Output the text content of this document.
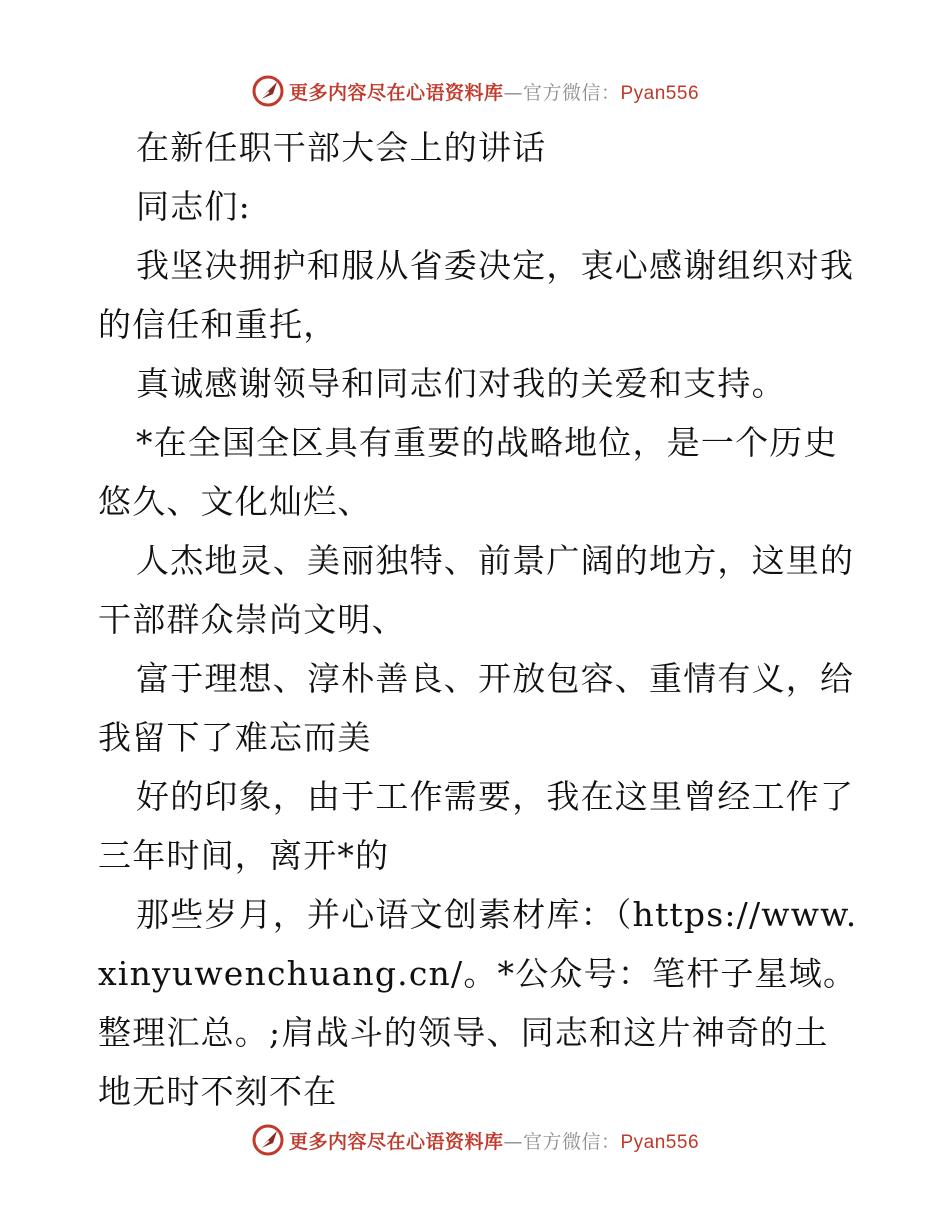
更多内容尽在心语资料库—官方微信：Pyan556

在新任职干部大会上的讲话

同志们:

我坚决拥护和服从省委决定，衷心感谢组织对我的信任和重托，

真诚感谢领导和同志们对我的关爱和支持。

*在全国全区具有重要的战略地位，是一个历史悠久、文化灿烂、

人杰地灵、美丽独特、前景广阔的地方，这里的干部群众崇尚文明、

富于理想、淳朴善良、开放包容、重情有义，给我留下了难忘而美

好的印象，由于工作需要，我在这里曾经工作了三年时间，离开*的

那些岁月，并心语文创素材库：（https://www.xinyuwenchuang.cn/。*公众号：笔杆子星域。整理汇总。;肩战斗的领导、同志和这片神奇的土地无时不刻不在

更多内容尽在心语资料库—官方微信：Pyan556
